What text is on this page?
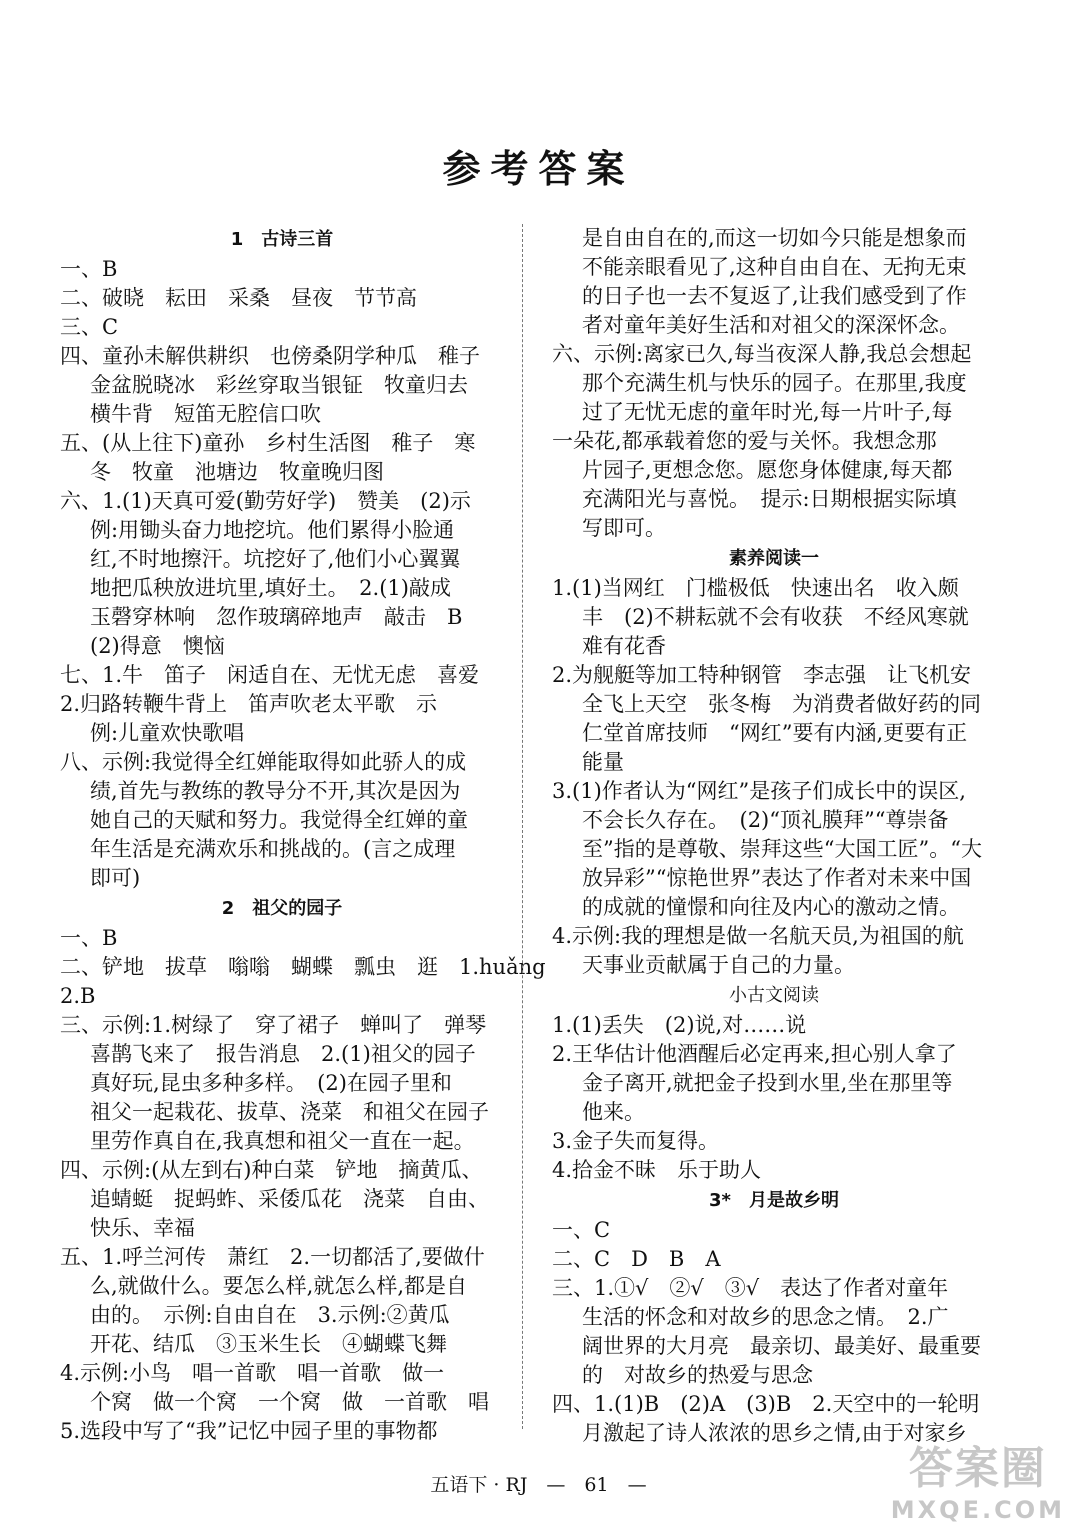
参考答案
1　古诗三首
一、B
二、破晓　耘田　采桑　昼夜　节节高
三、C
四、童孙未解供耕织　也傍桑阴学种瓜　稚子
金盆脱晓冰　彩丝穿取当银钲　牧童归去
横牛背　短笛无腔信口吹
五、(从上往下)童孙　乡村生活图　稚子　寒
冬　牧童　池塘边　牧童晚归图
六、1.(1)天真可爱(勤劳好学)　赞美　(2)示
例:用锄头奋力地挖坑。他们累得小脸通
红,不时地擦汗。坑挖好了,他们小心翼翼
地把瓜秧放进坑里,填好土。　2.(1)敲成
玉磬穿林响　忽作玻璃碎地声　敲击　B
(2)得意　懊恼
七、1.牛　笛子　闲适自在、无忧无虑　喜爱
2.归路转鞭牛背上　笛声吹老太平歌　示
例:儿童欢快歌唱
八、示例:我觉得全红婵能取得如此骄人的成
绩,首先与教练的教导分不开,其次是因为
她自己的天赋和努力。我觉得全红婵的童
年生活是充满欢乐和挑战的。(言之成理
即可)
2　祖父的园子
一、B
二、铲地　拔草　嗡嗡　蝴蝶　瓢虫　逛　1.huǎng
2.B
三、示例:1.树绿了　穿了裙子　蝉叫了　弹琴
喜鹊飞来了　报告消息　2.(1)祖父的园子
真好玩,昆虫多种多样。　(2)在园子里和
祖父一起栽花、拔草、浇菜　和祖父在园子
里劳作真自在,我真想和祖父一直在一起。
四、示例:(从左到右)种白菜　铲地　摘黄瓜、
追蜻蜓　捉蚂蚱、采倭瓜花　浇菜　自由、
快乐、幸福
五、1.呼兰河传　萧红　2.一切都活了,要做什
么,就做什么。要怎么样,就怎么样,都是自
由的。　示例:自由自在　3.示例:②黄瓜
开花、结瓜　③玉米生长　④蝴蝶飞舞
4.示例:小鸟　唱一首歌　唱一首歌　做一
个窝　做一个窝　一个窝　做　一首歌　唱
5.选段中写了“我”记忆中园子里的事物都
是自由自在的,而这一切如今只能是想象而
不能亲眼看见了,这种自由自在、无拘无束
的日子也一去不复返了,让我们感受到了作
者对童年美好生活和对祖父的深深怀念。
六、示例:离家已久,每当夜深人静,我总会想起
那个充满生机与快乐的园子。在那里,我度
过了无忧无虑的童年时光,每一片叶子,每
一朵花,都承载着您的爱与关怀。我想念那
片园子,更想念您。愿您身体健康,每天都
充满阳光与喜悦。　提示:日期根据实际填
写即可。
素养阅读一
1.(1)当网红　门槛极低　快速出名　收入颇
丰　(2)不耕耘就不会有收获　不经风寒就
难有花香
2.为舰艇等加工特种钢管　李志强　让飞机安
全飞上天空　张冬梅　为消费者做好药的同
仁堂首席技师　“网红”要有内涵,更要有正
能量
3.(1)作者认为“网红”是孩子们成长中的误区,
不会长久存在。　(2)“顶礼膜拜”“尊崇备
至”指的是尊敬、崇拜这些“大国工匠”。“大
放异彩”“惊艳世界”表达了作者对未来中国
的成就的憧憬和向往及内心的激动之情。
4.示例:我的理想是做一名航天员,为祖国的航
天事业贡献属于自己的力量。
小古文阅读
1.(1)丢失　(2)说,对……说
2.王华估计他酒醒后必定再来,担心别人拿了
金子离开,就把金子投到水里,坐在那里等
他来。
3.金子失而复得。
4.拾金不昧　乐于助人
3*　月是故乡明
一、C
二、C　D　B　A
三、1.①√　②√　③√　表达了作者对童年
生活的怀念和对故乡的思念之情。　2.广
阔世界的大月亮　最亲切、最美好、最重要
的　对故乡的热爱与思念
四、1.(1)B　(2)A　(3)B　2.天空中的一轮明
月激起了诗人浓浓的思乡之情,由于对家乡
五语下 · RJ　—　61　—	答案圈
MXQE.COM
